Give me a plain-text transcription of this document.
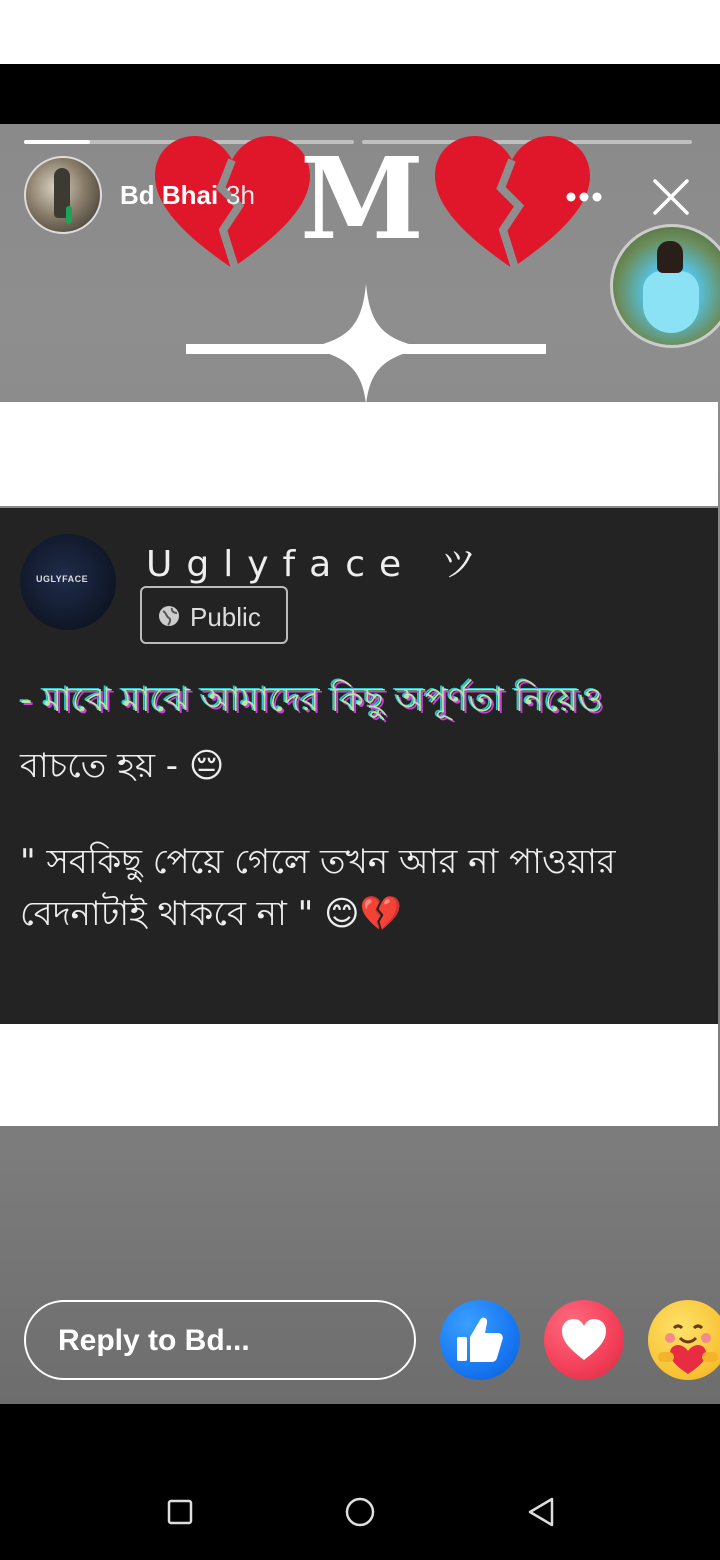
M
Bd Bhai 3h
UGLYFACE Uglyface ツ
Public
- মাঝে মাঝে আমাদের কিছু অপূর্ণতা নিয়েও
বাচতে হয় - 😔
" সবকিছু পেয়ে গেলে তখন আর না পাওয়ার
বেদনাটাই থাকবে না " 😊💔
Reply to Bd...
